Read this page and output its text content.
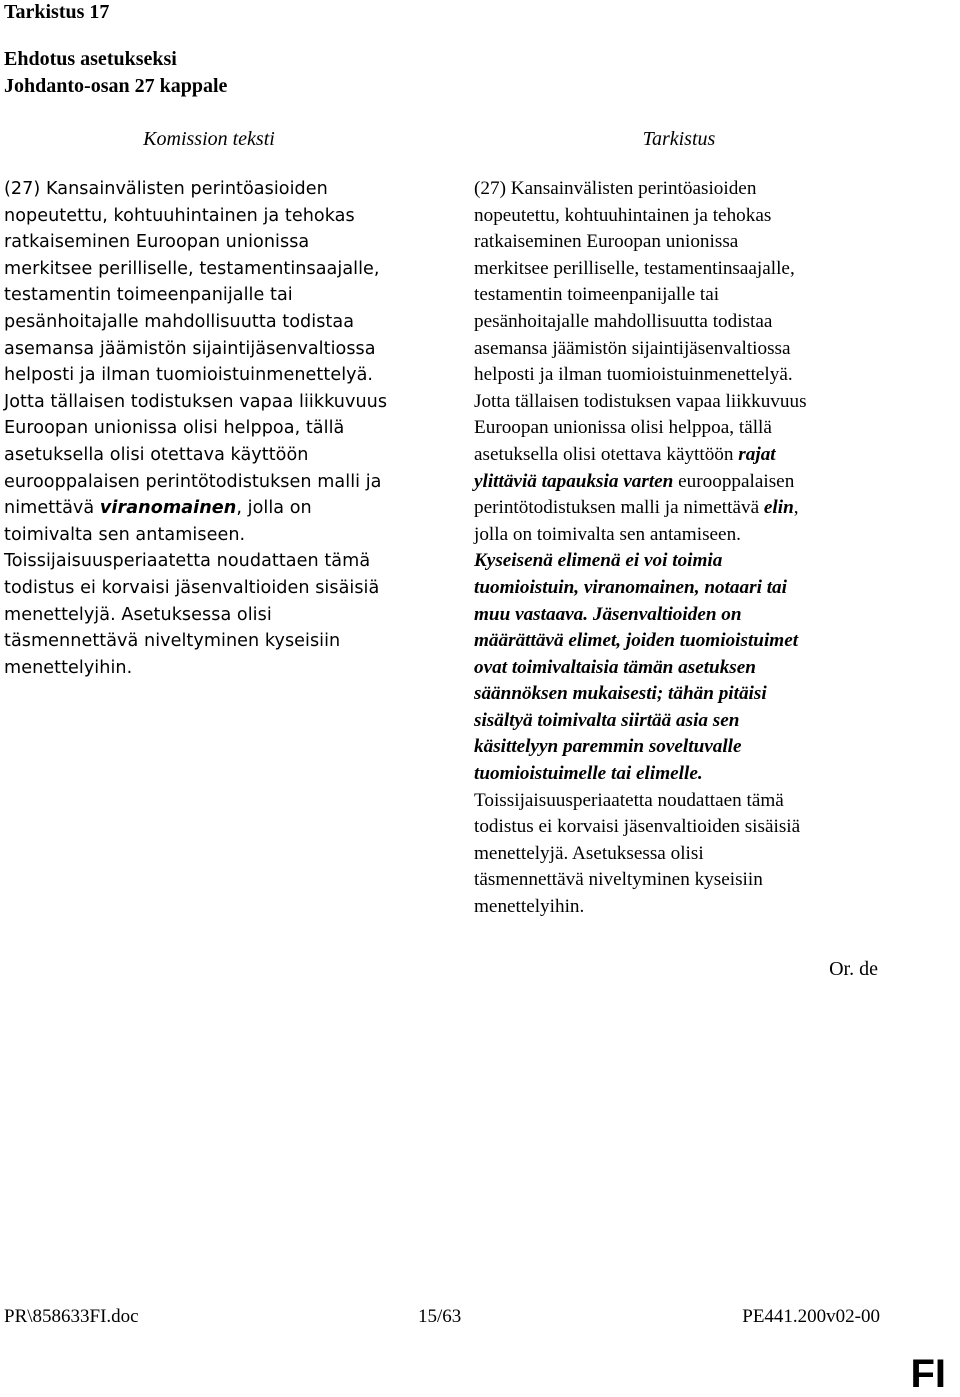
Tarkistus 17
Ehdotus asetukseksi
Johdanto-osan 27 kappale
Komission teksti
(27) Kansainvälisten perintöasioiden
nopeutettu, kohtuuhintainen ja tehokas
ratkaiseminen Euroopan unionissa
merkitsee perilliselle, testamentinsaajalle,
testamentin toimeenpanijalle tai
pesänhoitajalle mahdollisuutta todistaa
asemansa jäämistön sijaintijäsenvaltiossa
helposti ja ilman tuomioistuinmenettelyä.
Jotta tällaisen todistuksen vapaa liikkuvuus
Euroopan unionissa olisi helppoa, tällä
asetuksella olisi otettava käyttöön
eurooppalaisen perintötodistuksen malli ja
nimettävä viranomainen, jolla on
toimivalta sen antamiseen.
Toissijaisuusperiaatetta noudattaen tämä
todistus ei korvaisi jäsenvaltioiden sisäisiä
menettelyjä. Asetuksessa olisi
täsmennettävä niveltyminen kyseisiin
menettelyihin.
Tarkistus
(27) Kansainvälisten perintöasioiden
nopeutettu, kohtuuhintainen ja tehokas
ratkaiseminen Euroopan unionissa
merkitsee perilliselle, testamentinsaajalle,
testamentin toimeenpanijalle tai
pesänhoitajalle mahdollisuutta todistaa
asemansa jäämistön sijaintijäsenvaltiossa
helposti ja ilman tuomioistuinmenettelyä.
Jotta tällaisen todistuksen vapaa liikkuvuus
Euroopan unionissa olisi helppoa, tällä
asetuksella olisi otettava käyttöön rajat
ylittäviä tapauksia varten eurooppalaisen
perintötodistuksen malli ja nimettävä elin,
jolla on toimivalta sen antamiseen.
Kyseisenä elimenä ei voi toimia
tuomioistuin, viranomainen, notaari tai
muu vastaava. Jäsenvaltioiden on
määrättävä elimet, joiden tuomioistuimet
ovat toimivaltaisia tämän asetuksen
säännöksen mukaisesti; tähän pitäisi
sisältyä toimivalta siirtää asia sen
käsittelyyn paremmin soveltuvalle
tuomioistuimelle tai elimelle.
Toissijaisuusperiaatetta noudattaen tämä
todistus ei korvaisi jäsenvaltioiden sisäisiä
menettelyjä. Asetuksessa olisi
täsmennettävä niveltyminen kyseisiin
menettelyihin.
Or. de
PR\858633FI.doc	15/63	PE441.200v02-00
FI
